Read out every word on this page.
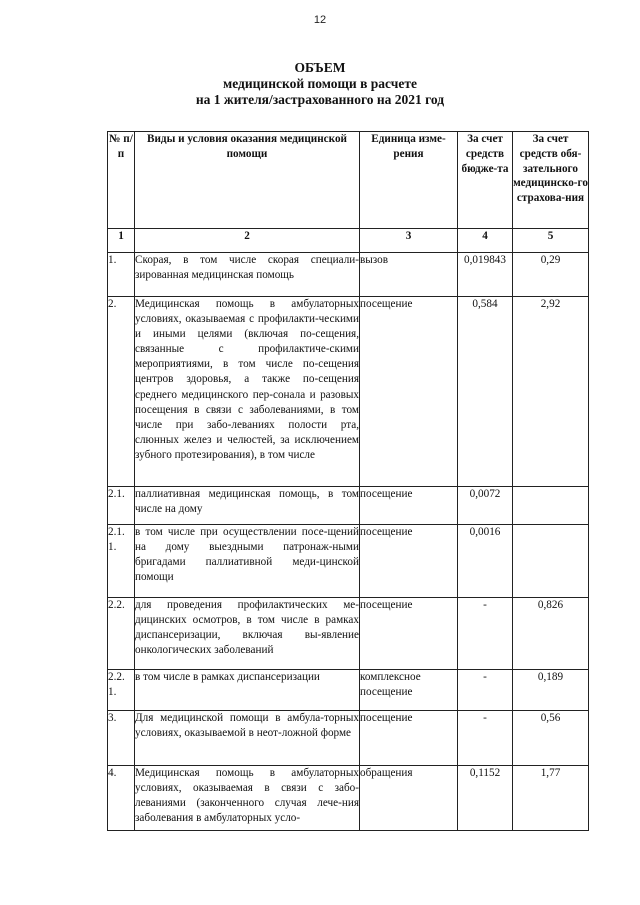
12
ОБЪЕМ
медицинской помощи в расчете
на 1 жителя/застрахованного на 2021 год
№ п/п	Виды и условия оказания медицинской помощи	Единица изме-рения	За счет средств бюдже-та	За счет средств обя-зательного медицинско-го страхова-ния
1	2	3	4	5
1.	Скорая, в том числе скорая специали-зированная медицинская помощь	вызов	0,019843	0,29
2.	Медицинская помощь в амбулаторных условиях, оказываемая с профилакти-ческими и иными целями (включая по-сещения, связанные с профилактиче-скими мероприятиями, в том числе по-сещения центров здоровья, а также по-сещения среднего медицинского пер-сонала и разовых посещения в связи с заболеваниями, в том числе при забо-леваниях полости рта, слюнных желез и челюстей, за исключением зубного протезирования), в том числе	посещение	0,584	2,92
2.1.	паллиативная медицинская помощь, в том числе на дому	посещение	0,0072	
2.1. 1.	в том числе при осуществлении посе-щений на дому выездными патронаж-ными бригадами паллиативной меди-цинской помощи	посещение	0,0016	
2.2.	для проведения профилактических ме-дицинских осмотров, в том числе в рамках диспансеризации, включая вы-явление онкологических заболеваний	посещение	-	0,826
2.2. 1.	в том числе в рамках диспансеризации	комплексное посещение	-	0,189
3.	Для медицинской помощи в амбула-торных условиях, оказываемой в неот-ложной форме	посещение	-	0,56
4.	Медицинская помощь в амбулаторных условиях, оказываемая в связи с забо-леваниями (законченного случая лече-ния заболевания в амбулаторных усло-	обращения	0,1152	1,77
